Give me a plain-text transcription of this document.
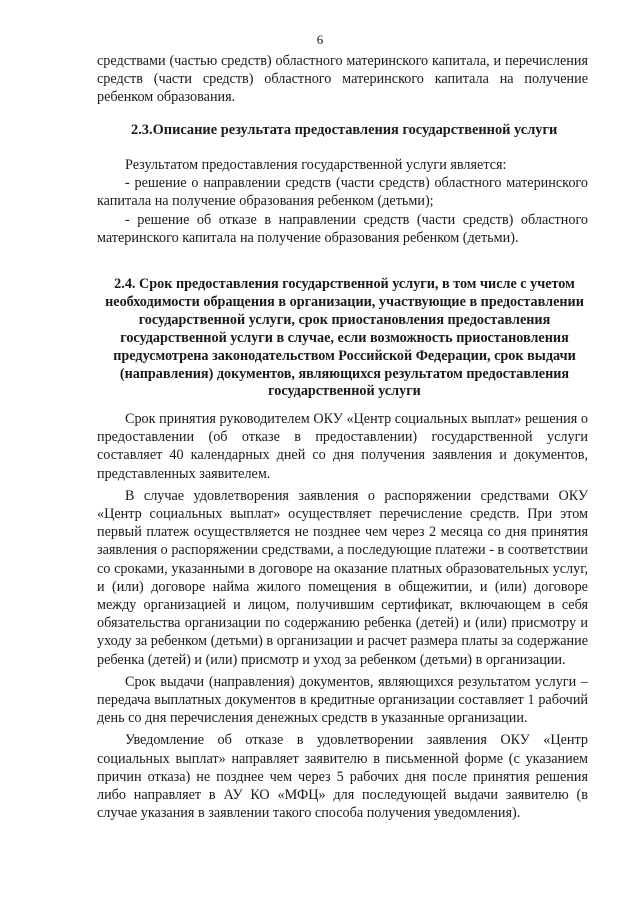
6

средствами (частью средств) областного материнского капитала, и перечисления средств (части средств) областного материнского капитала на получение ребенком образования.

2.3.Описание результата предоставления государственной услуги

Результатом предоставления государственной услуги является:

- решение о направлении средств (части средств) областного материнского капитала на получение образования ребенком (детьми);

- решение об отказе в направлении средств (части средств) областного материнского капитала на получение образования ребенком (детьми).

2.4. Срок предоставления государственной услуги, в том числе с учетом необходимости обращения в организации, участвующие в предоставлении государственной услуги, срок приостановления предоставления государственной услуги в случае, если возможность приостановления предусмотрена законодательством Российской Федерации, срок выдачи (направления) документов, являющихся результатом предоставления государственной услуги

Срок принятия руководителем ОКУ «Центр социальных выплат» решения о предоставлении (об отказе в предоставлении) государственной услуги составляет 40 календарных дней со дня получения заявления и документов, представленных заявителем.

В случае удовлетворения заявления о распоряжении средствами ОКУ «Центр социальных выплат» осуществляет перечисление средств. При этом первый платеж осуществляется не позднее чем через 2 месяца со дня принятия заявления о распоряжении средствами, а последующие платежи - в соответствии со сроками, указанными в договоре на оказание платных образовательных услуг, и (или) договоре найма жилого помещения в общежитии, и (или) договоре между организацией и лицом, получившим сертификат, включающем в себя обязательства организации по содержанию ребенка (детей) и (или) присмотру и уходу за ребенком (детьми) в организации и расчет размера платы за содержание ребенка (детей) и (или) присмотр и уход за ребенком (детьми) в организации.

Срок выдачи (направления) документов, являющихся результатом услуги – передача выплатных документов в кредитные организации составляет 1 рабочий день со дня перечисления денежных средств в указанные организации.

Уведомление об отказе в удовлетворении заявления ОКУ «Центр социальных выплат» направляет заявителю в письменной форме (с указанием причин отказа) не позднее чем через 5 рабочих дня после принятия решения либо направляет в АУ КО «МФЦ» для последующей выдачи заявителю (в случае указания в заявлении такого способа получения уведомления).
